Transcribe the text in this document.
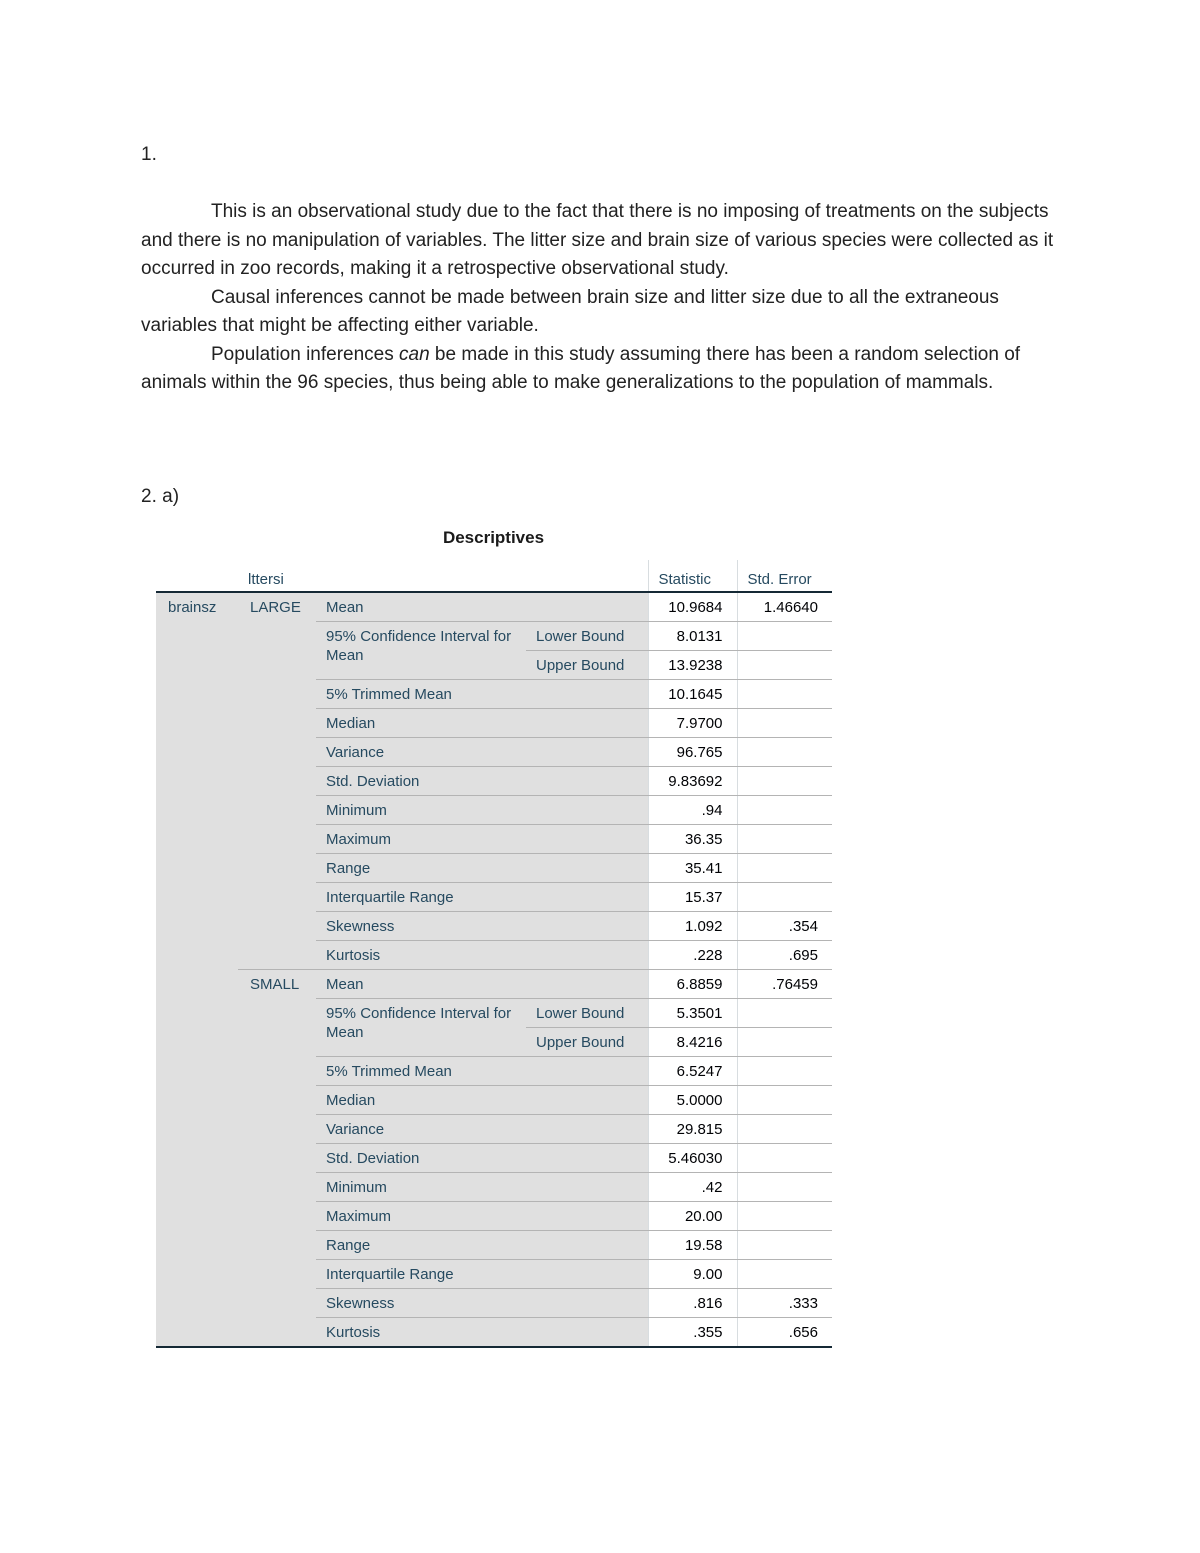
1.

This is an observational study due to the fact that there is no imposing of treatments on the subjects and there is no manipulation of variables. The litter size and brain size of various species were collected as it occurred in zoo records, making it a retrospective observational study.

Causal inferences cannot be made between brain size and litter size due to all the extraneous variables that might be affecting either variable.

Population inferences can be made in this study assuming there has been a random selection of animals within the 96 species, thus being able to make generalizations to the population of mammals.

2. a)
Descriptives
	lttersi			Statistic	Std. Error
brainsz	LARGE	Mean		10.9684	1.46640
		95% Confidence Interval for Mean	Lower Bound	8.0131	
			Upper Bound	13.9238	
		5% Trimmed Mean		10.1645	
		Median		7.9700	
		Variance		96.765	
		Std. Deviation		9.83692	
		Minimum		.94	
		Maximum		36.35	
		Range		35.41	
		Interquartile Range		15.37	
		Skewness		1.092	.354
		Kurtosis		.228	.695
	SMALL	Mean		6.8859	.76459
		95% Confidence Interval for Mean	Lower Bound	5.3501	
			Upper Bound	8.4216	
		5% Trimmed Mean		6.5247	
		Median		5.0000	
		Variance		29.815	
		Std. Deviation		5.46030	
		Minimum		.42	
		Maximum		20.00	
		Range		19.58	
		Interquartile Range		9.00	
		Skewness		.816	.333
		Kurtosis		.355	.656
